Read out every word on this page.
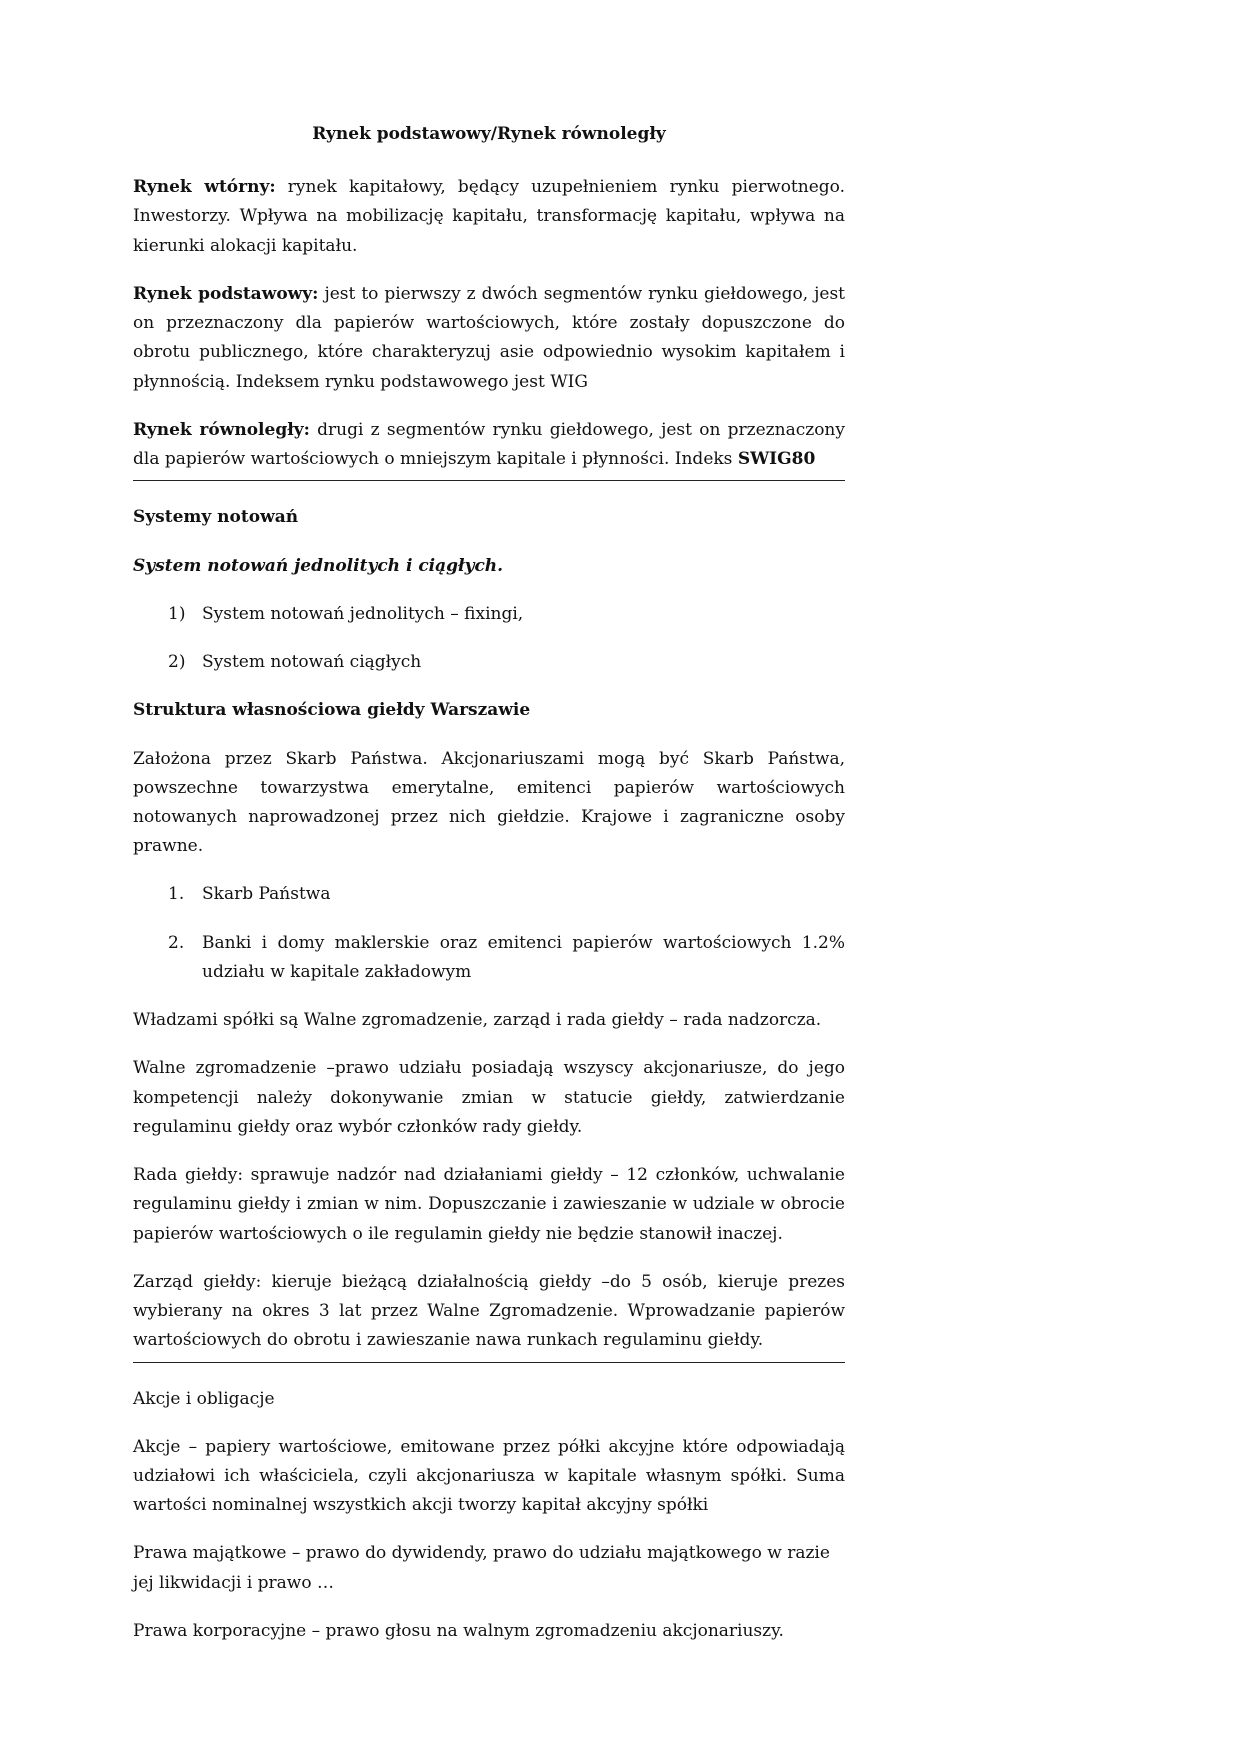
Rynek podstawowy/Rynek równoległy

Rynek wtórny: rynek kapitałowy, będący uzupełnieniem rynku pierwotnego. Inwestorzy. Wpływa na mobilizację kapitału, transformację kapitału, wpływa na kierunki alokacji kapitału.

Rynek podstawowy: jest to pierwszy z dwóch segmentów rynku giełdowego, jest on przeznaczony dla papierów wartościowych, które zostały dopuszczone do obrotu publicznego, które charakteryzuj asie odpowiednio wysokim kapitałem i płynnością. Indeksem rynku podstawowego jest WIG

Rynek równoległy: drugi z segmentów rynku giełdowego, jest on przeznaczony dla papierów wartościowych o mniejszym kapitale i płynności. Indeks SWIG80

Systemy notowań
System notowań jednolitych i ciągłych.
1) System notowań jednolitych – fixingi,
2) System notowań ciągłych
Struktura własnościowa giełdy Warszawie

Założona przez Skarb Państwa. Akcjonariuszami mogą być Skarb Państwa, powszechne towarzystwa emerytalne, emitenci papierów wartościowych notowanych naprowadzonej przez nich giełdzie. Krajowe i zagraniczne osoby prawne.

1.	Skarb Państwa
2.	Banki i domy maklerskie oraz emitenci papierów wartościowych 1.2% udziału w kapitale zakładowym

Władzami spółki są Walne zgromadzenie, zarząd i rada giełdy – rada nadzorcza.

Walne zgromadzenie –prawo udziału posiadają wszyscy akcjonariusze, do jego kompetencji należy dokonywanie zmian w statucie giełdy, zatwierdzanie regulaminu giełdy oraz wybór członków rady giełdy.

Rada giełdy: sprawuje nadzór nad działaniami giełdy – 12 członków, uchwalanie regulaminu giełdy i zmian w nim. Dopuszczanie i zawieszanie w udziale w obrocie papierów wartościowych o ile regulamin giełdy nie będzie stanowił inaczej.

Zarząd giełdy: kieruje bieżącą działalnością giełdy –do 5 osób, kieruje prezes wybierany na okres 3 lat przez Walne Zgromadzenie. Wprowadzanie papierów wartościowych do obrotu i zawieszanie nawa runkach regulaminu giełdy.

Akcje i obligacje

Akcje – papiery wartościowe, emitowane przez półki akcyjne które odpowiadają udziałowi ich właściciela, czyli akcjonariusza w kapitale własnym spółki. Suma wartości nominalnej wszystkich akcji tworzy kapitał akcyjny spółki

Prawa majątkowe – prawo do dywidendy, prawo do udziału majątkowego w razie jej likwidacji i prawo …

Prawa korporacyjne – prawo głosu na walnym zgromadzeniu akcjonariuszy.
